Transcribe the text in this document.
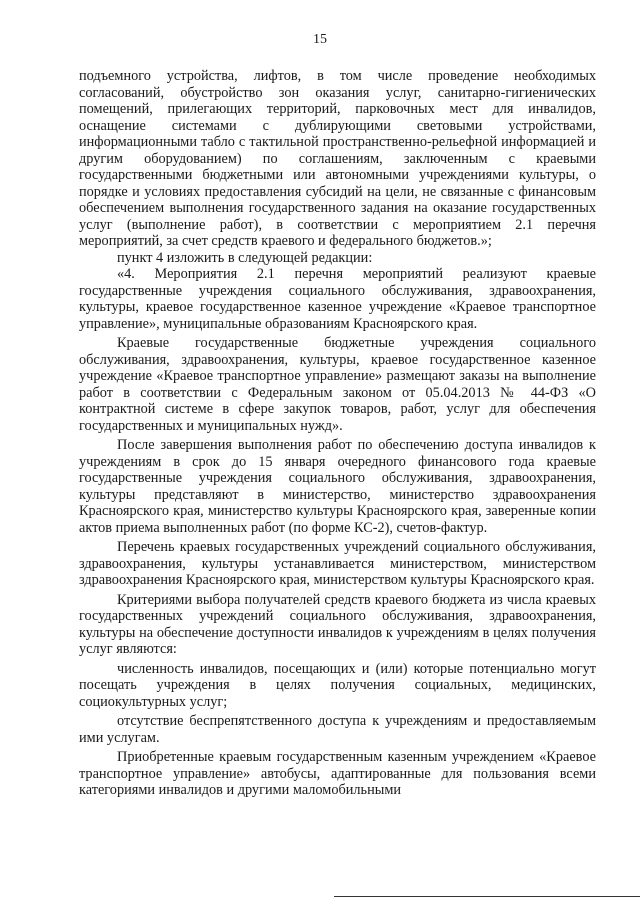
15

подъемного устройства, лифтов, в том числе проведение необходимых согласований, обустройство зон оказания услуг, санитарно-гигиенических помещений, прилегающих территорий, парковочных мест для инвалидов, оснащение системами с дублирующими световыми устройствами, информационными табло с тактильной пространственно-рельефной информацией и другим оборудованием) по соглашениям, заключенным с краевыми государственными бюджетными или автономными учреждениями культуры, о порядке и условиях предоставления субсидий на цели, не связанные с финансовым обеспечением выполнения государственного задания на оказание государственных услуг (выполнение работ), в соответствии с мероприятием 2.1 перечня мероприятий, за счет средств краевого и федерального бюджетов.»;

пункт 4 изложить в следующей редакции:

«4. Мероприятия 2.1 перечня мероприятий реализуют краевые государственные учреждения социального обслуживания, здравоохранения, культуры, краевое государственное казенное учреждение «Краевое транспортное управление», муниципальные образованиям Красноярского края.

Краевые государственные бюджетные учреждения социального обслуживания, здравоохранения, культуры, краевое государственное казенное учреждение «Краевое транспортное управление» размещают заказы на выполнение работ в соответствии с Федеральным законом от 05.04.2013 № 44-ФЗ «О контрактной системе в сфере закупок товаров, работ, услуг для обеспечения государственных и муниципальных нужд».

После завершения выполнения работ по обеспечению доступа инвалидов к учреждениям в срок до 15 января очередного финансового года краевые государственные учреждения социального обслуживания, здравоохранения, культуры представляют в министерство, министерство здравоохранения Красноярского края, министерство культуры Красноярского края, заверенные копии актов приема выполненных работ (по форме КС-2), счетов-фактур.

Перечень краевых государственных учреждений социального обслуживания, здравоохранения, культуры устанавливается министерством, министерством здравоохранения Красноярского края, министерством культуры Красноярского края.

Критериями выбора получателей средств краевого бюджета из числа краевых государственных учреждений социального обслуживания, здравоохранения, культуры на обеспечение доступности инвалидов к учреждениям в целях получения услуг являются:

численность инвалидов, посещающих и (или) которые потенциально могут посещать учреждения в целях получения социальных, медицинских, социокультурных услуг;

отсутствие беспрепятственного доступа к учреждениям и предоставляемым ими услугам.

Приобретенные краевым государственным казенным учреждением «Краевое транспортное управление» автобусы, адаптированные для пользования всеми категориями инвалидов и другими маломобильными
